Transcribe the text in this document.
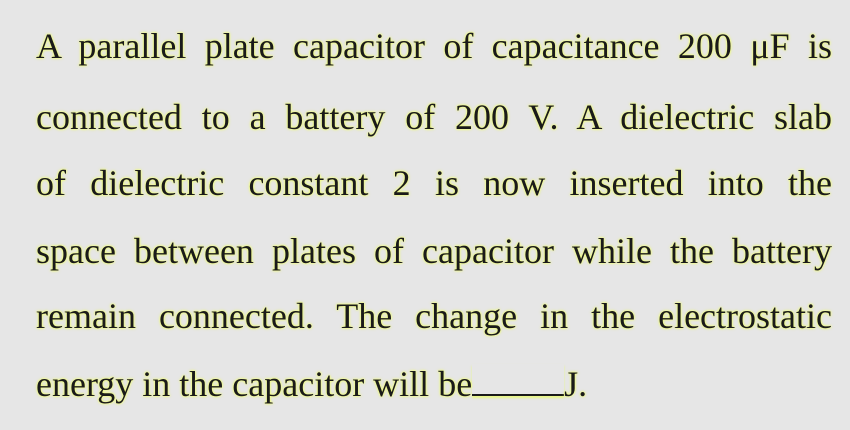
A parallel plate capacitor of capacitance 200 μF is
connected to a battery of 200 V. A dielectric slab
of dielectric constant 2 is now inserted into the
space between plates of capacitor while the battery
remain connected. The change in the electrostatic
energy in the capacitor will be	J.
